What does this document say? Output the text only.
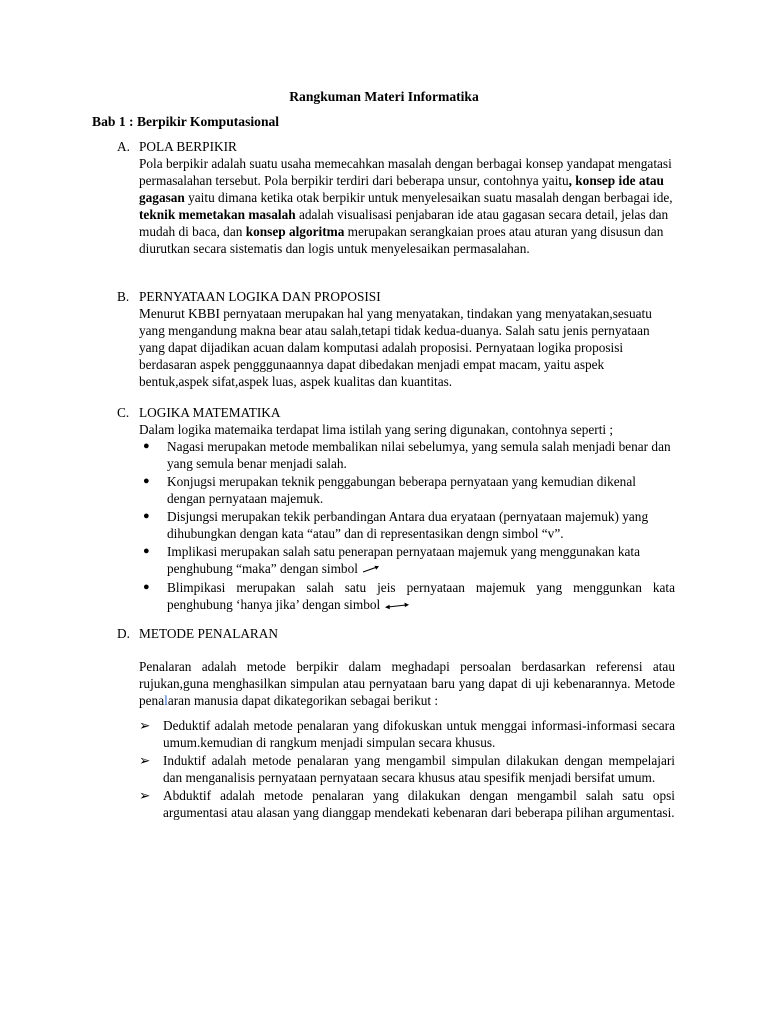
Rangkuman Materi Informatika
Bab 1 : Berpikir Komputasional
A. POLA BERPIKIR

Pola berpikir adalah suatu usaha memecahkan masalah dengan berbagai konsep yandapat mengatasi permasalahan tersebut. Pola berpikir terdiri dari beberapa unsur, contohnya yaitu, konsep ide atau gagasan yaitu dimana ketika otak berpikir untuk menyelesaikan suatu masalah dengan berbagai ide, teknik memetakan masalah adalah visualisasi penjabaran ide atau gagasan secara detail, jelas dan mudah di baca, dan konsep algoritma merupakan serangkaian proes atau aturan yang disusun dan diurutkan secara sistematis dan logis untuk menyelesaikan permasalahan.

B. PERNYATAAN LOGIKA DAN PROPOSISI

Menurut KBBI pernyataan merupakan hal yang menyatakan, tindakan yang menyatakan,sesuatu yang mengandung makna bear atau salah,tetapi tidak kedua-duanya. Salah satu jenis pernyataan yang dapat dijadikan acuan dalam komputasi adalah proposisi. Pernyataan logika proposisi berdasaran aspek pengggunaannya dapat dibedakan menjadi empat macam, yaitu aspek bentuk,aspek sifat,aspek luas, aspek kualitas dan kuantitas.

C. LOGIKA MATEMATIKA

Dalam logika matemaika terdapat lima istilah yang sering digunakan, contohnya seperti ;

●	Nagasi merupakan metode membalikan nilai sebelumya, yang semula salah menjadi benar dan yang semula benar menjadi salah.
●	Konjugsi merupakan teknik penggabungan beberapa pernyataan yang kemudian dikenal dengan pernyataan majemuk.
●	Disjungsi merupakan tekik perbandingan Antara dua eryataan (pernyataan majemuk) yang dihubungkan dengan kata “atau” dan di representasikan dengn simbol “v”.
●	Implikasi merupakan salah satu penerapan pernyataan majemuk yang menggunakan kata penghubung “maka” dengan simbol
●	Blimpikasi merupakan salah satu jeis pernyataan majemuk yang menggunkan kata penghubung ‘hanya jika’ dengan simbol
D. METODE PENALARAN

Penalaran adalah metode berpikir dalam meghadapi persoalan berdasarkan referensi atau rujukan,guna menghasilkan simpulan atau pernyataan baru yang dapat di uji kebenarannya. Metode penalaran manusia dapat dikategorikan sebagai berikut :

➢ Deduktif adalah metode penalaran yang difokuskan untuk menggai informasi-informasi secara umum.kemudian di rangkum menjadi simpulan secara khusus.
➢ Induktif adalah metode penalaran yang mengambil simpulan dilakukan dengan mempelajari dan menganalisis pernyataan pernyataan secara khusus atau spesifik menjadi bersifat umum.
➢ Abduktif adalah metode penalaran yang dilakukan dengan mengambil salah satu opsi argumentasi atau alasan yang dianggap mendekati kebenaran dari beberapa pilihan argumentasi.
